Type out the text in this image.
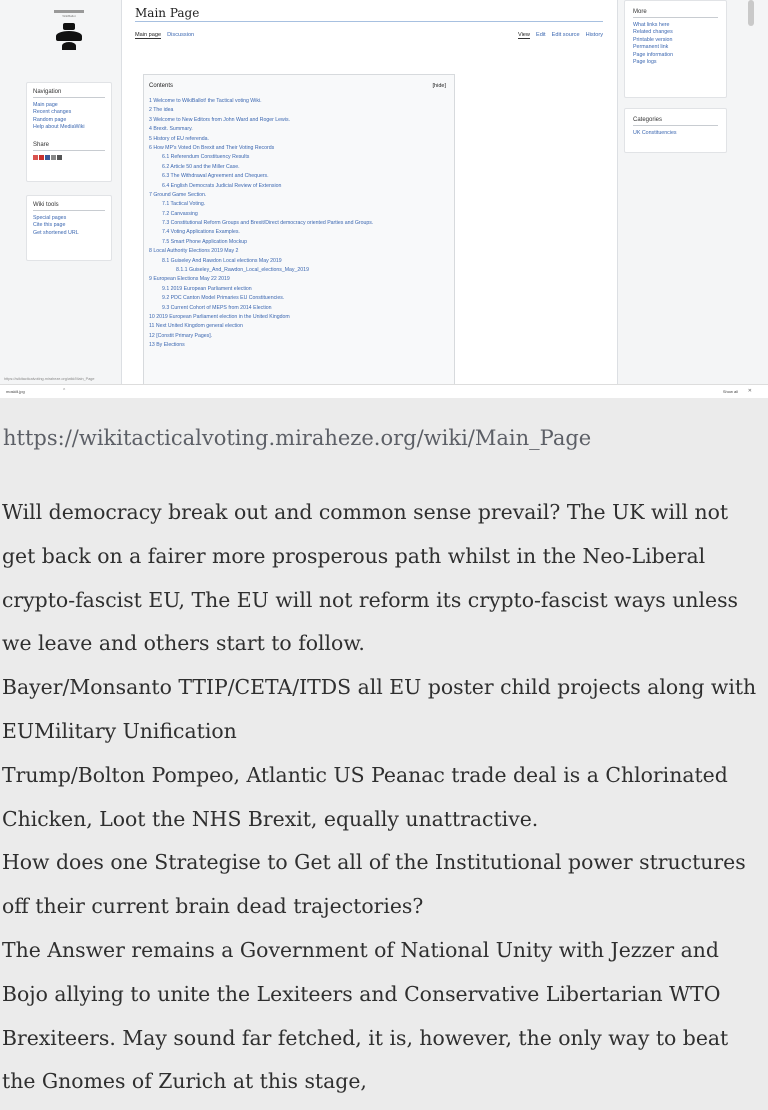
WikiBallot
Navigation
Main page
Recent changes
Random page
Help about MediaWiki
Share
Wiki tools
Special pages
Cite this page
Get shortened URL
Main Page
Main page Discussion	View Edit Edit source History
Contents	[hide]
1 Welcome to WikiBallot! the Tactical voting Wiki.
2 The idea
3 Welcome to New Editors from John Ward and Roger Lewis.
4 Brexit. Summary.
5 History of EU referenda.
6 How MP's Voted On Brexit and Their Voting Records
6.1 Referendum Constituency Results
6.2 Article 50 and the Miller Case.
6.3 The Withdrawal Agreement and Chequers.
6.4 English Democrats Judicial Review of Extension
7 Ground Game Section.
7.1 Tactical Voting.
7.2 Canvassing
7.3 Constitutional Reform Groups and Brexit/Direct democracy oriented Parties and Groups.
7.4 Voting Applications Examples.
7.5 Smart Phone Application Mockup
8 Local Authority Elections 2019 May 2
8.1 Guiseley And Rawdon Local elections May 2019
8.1.1 Guiseley_And_Rawdon_Local_elections_May_2019
9 European Elections May 22 2019
9.1 2019 European Parliament election
9.2 PDC Canton Model Primaries EU Constituencies.
9.3 Current Cohort of MEPS from 2014 Election
10 2019 European Parliament election in the United Kingdom
11 Next United Kingdom general election
12 [Constit Primary Pages].
13 By Elections
More
What links here
Related changes
Printable version
Permanent link
Page information
Page logs
Categories
UK Constituencies
https://wikitacticalvoting.miraheze.org/wiki/Main_Page
moskill.jpg	⌃	Show all ✕
https://wikitacticalvoting.miraheze.org/wiki/Main_Page

Will democracy break out and common sense prevail? The UK will not get back on a fairer more prosperous path whilst in the Neo-Liberal crypto-fascist EU, The EU will not reform its crypto-fascist ways unless we leave and others start to follow.

Bayer/Monsanto TTIP/CETA/ITDS all EU poster child projects along with EUMilitary Unification

Trump/Bolton Pompeo, Atlantic US Peanac trade deal is a Chlorinated Chicken, Loot the NHS Brexit, equally unattractive.

How does one Strategise to Get all of the Institutional power structures off their current brain dead trajectories?

The Answer remains a Government of National Unity with Jezzer and Bojo allying to unite the Lexiteers and Conservative Libertarian WTO Brexiteers. May sound far fetched, it is, however, the only way to beat the Gnomes of Zurich at this stage,
